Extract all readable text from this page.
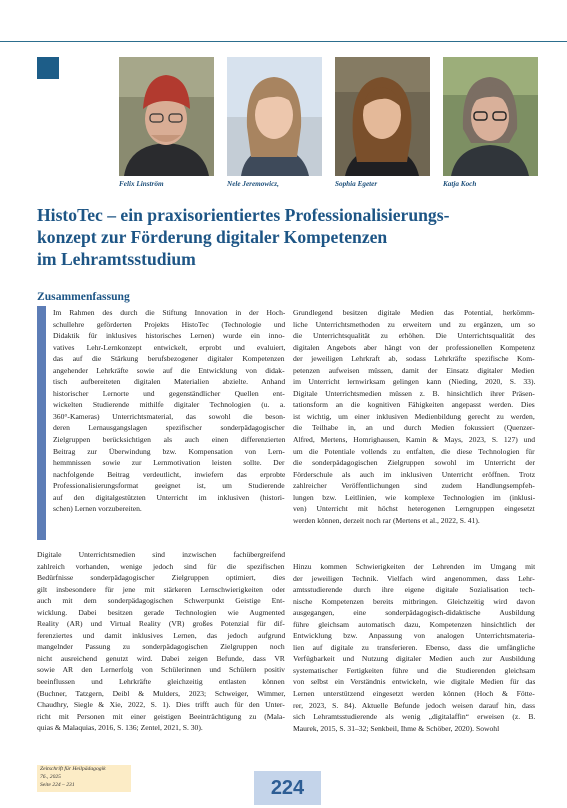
Felix Linström	Nele Jeremowicz,	Sophia Egeter	Katja Koch
HistoTec – ein praxisorientiertes Professionalisierungs-
konzept zur Förderung digitaler Kompetenzen
im Lehramtsstudium
Zusammenfassung

Im Rahmen des durch die Stiftung Innovation in der Hoch-
schullehre geförderten Projekts HistoTec (Technologie und
Didaktik für inklusives historisches Lernen) wurde ein inno-
vatives Lehr-Lernkonzept entwickelt, erprobt und evaluiert,
das auf die Stärkung berufsbezogener digitaler Kompetenzen
angehender Lehrkräfte sowie auf die Entwicklung von didak-
tisch aufbereiteten digitalen Materialien abzielte. Anhand
historischer Lernorte und gegenständlicher Quellen ent-
wickelten Studierende mithilfe digitaler Technologien (u. a.
360°-Kameras) Unterrichtsmaterial, das sowohl die beson-
deren Lernausgangslagen spezifischer sonderpädagogischer
Zielgruppen berücksichtigen als auch einen differenzierten
Beitrag zur Überwindung bzw. Kompensation von Lern-
hemmnissen sowie zur Lernmotivation leisten sollte. Der
nachfolgende Beitrag verdeutlicht, inwiefern das erprobte
Professionalisierungsformat geeignet ist, um Studierende
auf den digitalgestützten Unterricht im inklusiven (histori-
schen) Lernen vorzubereiten.

Digitale Unterrichtsmedien sind inzwischen fachübergreifend
zahlreich vorhanden, wenige jedoch sind für die spezifischen
Bedürfnisse sonderpädagogischer Zielgruppen optimiert, dies
gilt insbesondere für jene mit stärkeren Lernschwierigkeiten oder
auch mit dem sonderpädagogischen Schwerpunkt Geistige Ent-
wicklung. Dabei besitzen gerade Technologien wie Augmented
Reality (AR) und Virtual Reality (VR) großes Potenzial für dif-
ferenziertes und damit inklusives Lernen, das jedoch aufgrund
mangelnder Passung zu sonderpädagogischen Zielgruppen noch
nicht ausreichend genutzt wird. Dabei zeigen Befunde, dass VR
sowie AR den Lernerfolg von Schülerinnen und Schülern positiv
beeinflussen und Lehrkräfte gleichzeitig entlasten können
(Buchner, Tatzgern, Deibl & Mulders, 2023; Schweiger, Wimmer,
Chaudhry, Siegle & Xie, 2022, S. 1). Dies trifft auch für den Unter-
richt mit Personen mit einer geistigen Beeinträchtigung zu (Mala-
quias & Malaquias, 2016, S. 136; Zentel, 2021, S. 30).

Grundlegend besitzen digitale Medien das Potential, herkömm-
liche Unterrichtsmethoden zu erweitern und zu ergänzen, um so
die Unterrichtsqualität zu erhöhen. Die Unterrichtsqualität des
digitalen Angebots aber hängt von der professionellen Kompetenz
der jeweiligen Lehrkraft ab, sodass Lehrkräfte spezifische Kom-
petenzen aufweisen müssen, damit der Einsatz digitaler Medien
im Unterricht lernwirksam gelingen kann (Nieding, 2020, S. 33).
Digitale Unterrichtsmedien müssen z. B. hinsichtlich ihrer Präsen-
tationsform an die kognitiven Fähigkeiten angepasst werden. Dies
ist wichtig, um einer inklusiven Medienbildung gerecht zu werden,
die Teilhabe in, an und durch Medien fokussiert (Quenzer-
Alfred, Mertens, Homrighausen, Kamin & Mays, 2023, S. 127) und
um die Potentiale vollends zu entfalten, die diese Technologien für
die sonderpädagogischen Zielgruppen sowohl im Unterricht der
Förderschule als auch im inklusiven Unterricht eröffnen. Trotz
zahlreicher Veröffentlichungen sind zudem Handlungsempfeh-
lungen bzw. Leitlinien, wie komplexe Technologien im (inklusi-
ven) Unterricht mit höchst heterogenen Lerngruppen eingesetzt
werden können, derzeit noch rar (Mertens et al., 2022, S. 41).

Hinzu kommen Schwierigkeiten der Lehrenden im Umgang mit
der jeweiligen Technik. Vielfach wird angenommen, dass Lehr-
amtsstudierende durch ihre eigene digitale Sozialisation tech-
nische Kompetenzen bereits mitbringen. Gleichzeitig wird davon
ausgegangen, eine sonderpädagogisch-didaktische Ausbildung
führe gleichsam automatisch dazu, Kompetenzen hinsichtlich der
Entwicklung bzw. Anpassung von analogen Unterrichtsmateria-
lien auf digitale zu transferieren. Ebenso, dass die umfängliche
Verfügbarkeit und Nutzung digitaler Medien auch zur Ausbildung
systematischer Fertigkeiten führe und die Studierenden gleichsam
von selbst ein Verständnis entwickeln, wie digitale Medien für das
Lernen unterstützend eingesetzt werden können (Hoch & Fötte-
rer, 2023, S. 84). Aktuelle Befunde jedoch weisen darauf hin, dass
sich Lehramtsstudierende als wenig „digitalaffin“ erweisen (z. B.
Maurek, 2015, S. 31–32; Senkbeil, Ihme & Schöber, 2020). Sowohl

Zeitschrift für Heilpädagogik
76., 2025
Seite 224 – 231	224
